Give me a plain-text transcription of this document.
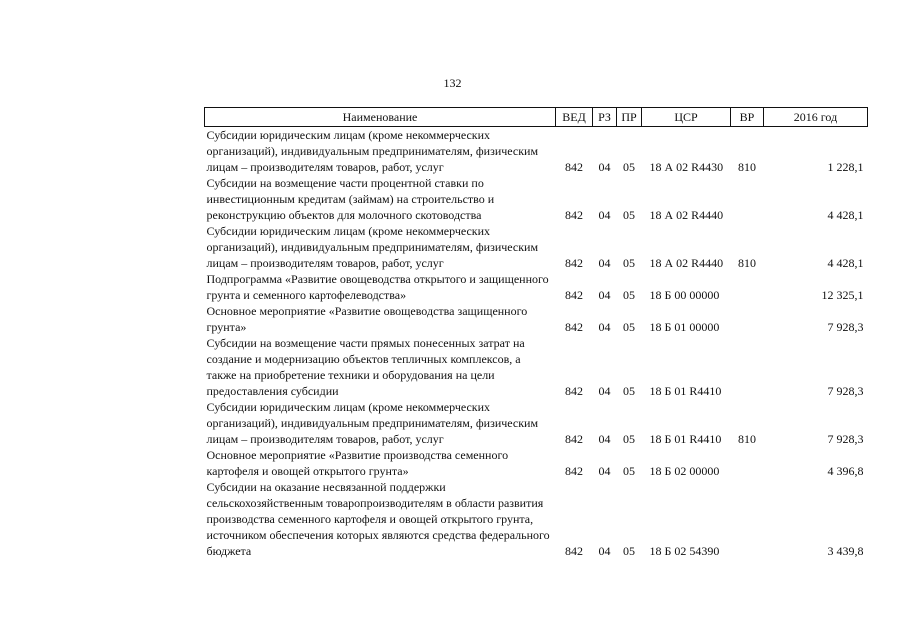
132
Наименование	ВЕД	РЗ	ПР	ЦСР	ВР	2016 год
Субсидии юридическим лицам (кроме некоммерческих организаций), индивидуальным предпринимателям, физическим лицам – производителям товаров, работ, услуг	842	04	05	18 А 02 R4430	810	1 228,1
Субсидии на возмещение части процентной ставки по инвестиционным кредитам (займам) на строительство и реконструкцию объектов для молочного скотоводства	842	04	05	18 А 02 R4440		4 428,1
Субсидии юридическим лицам (кроме некоммерческих организаций), индивидуальным предпринимателям, физическим лицам – производителям товаров, работ, услуг	842	04	05	18 А 02 R4440	810	4 428,1
Подпрограмма «Развитие овощеводства открытого и защищенного грунта и семенного картофелеводства»	842	04	05	18 Б 00 00000		12 325,1
Основное мероприятие «Развитие овощеводства защищенного грунта»	842	04	05	18 Б 01 00000		7 928,3
Субсидии на возмещение части прямых понесенных затрат на создание и модернизацию объектов тепличных комплексов, а также на приобретение техники и оборудования на цели предоставления субсидии	842	04	05	18 Б 01 R4410		7 928,3
Субсидии юридическим лицам (кроме некоммерческих организаций), индивидуальным предпринимателям, физическим лицам – производителям товаров, работ, услуг	842	04	05	18 Б 01 R4410	810	7 928,3
Основное мероприятие «Развитие производства семенного картофеля и овощей открытого грунта»	842	04	05	18 Б 02 00000		4 396,8
Субсидии на оказание несвязанной поддержки сельскохозяйственным товаропроизводителям в области развития производства семенного картофеля и овощей открытого грунта, источником обеспечения которых являются средства федерального бюджета	842	04	05	18 Б 02 54390		3 439,8
